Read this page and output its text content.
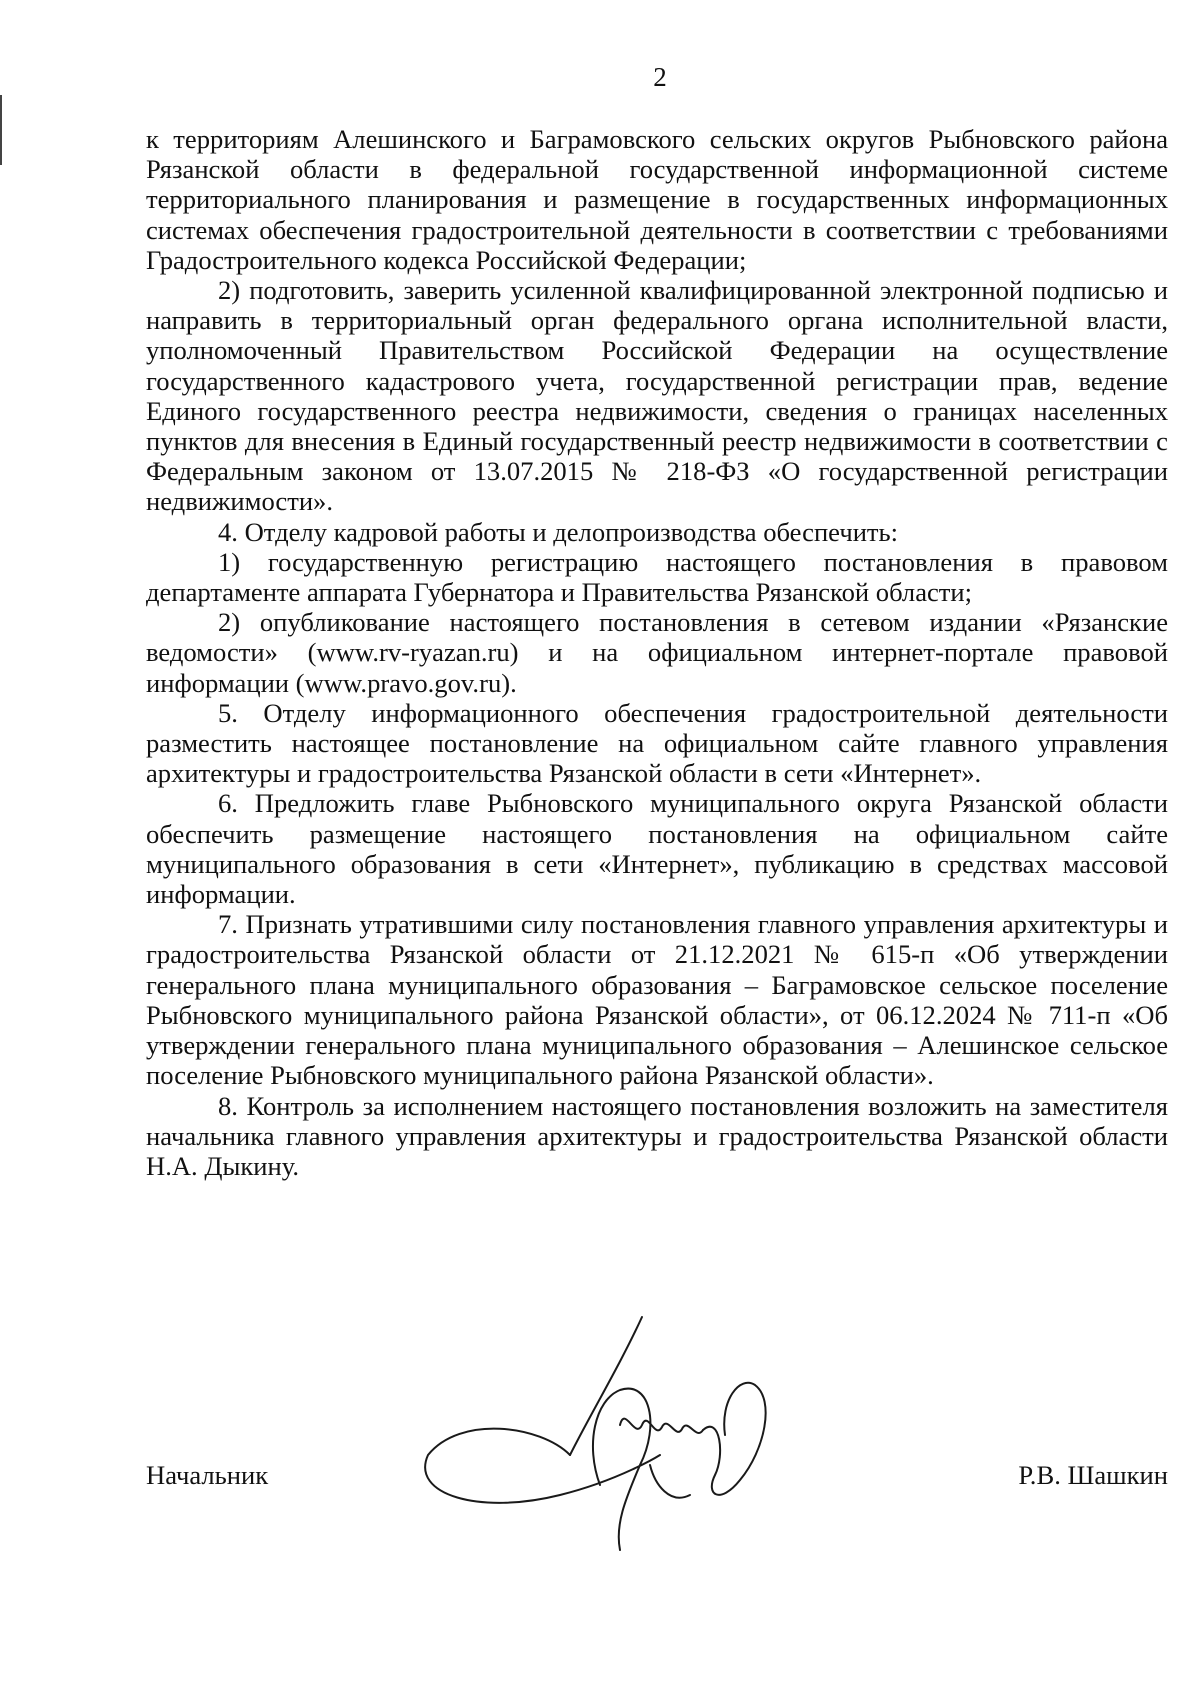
2

к территориям Алешинского и Баграмовского сельских округов Рыбновского района Рязанской области в федеральной государственной информационной системе территориального планирования и размещение в государственных информационных системах обеспечения градостроительной деятельности в соответствии с требованиями Градостроительного кодекса Российской Федерации;

2) подготовить, заверить усиленной квалифицированной электронной подписью и направить в территориальный орган федерального органа исполнительной власти, уполномоченный Правительством Российской Федерации на осуществление государственного кадастрового учета, государственной регистрации прав, ведение Единого государственного реестра недвижимости, сведения о границах населенных пунктов для внесения в Единый государственный реестр недвижимости в соответствии с Федеральным законом от 13.07.2015 № 218-ФЗ «О государственной регистрации недвижимости».

4. Отделу кадровой работы и делопроизводства обеспечить:

1) государственную регистрацию настоящего постановления в правовом департаменте аппарата Губернатора и Правительства Рязанской области;

2) опубликование настоящего постановления в сетевом издании «Рязанские ведомости» (www.rv-ryazan.ru) и на официальном интернет-портале правовой информации (www.pravo.gov.ru).

5. Отделу информационного обеспечения градостроительной деятельности разместить настоящее постановление на официальном сайте главного управления архитектуры и градостроительства Рязанской области в сети «Интернет».

6. Предложить главе Рыбновского муниципального округа Рязанской области обеспечить размещение настоящего постановления на официальном сайте муниципального образования в сети «Интернет», публикацию в средствах массовой информации.

7. Признать утратившими силу постановления главного управления архитектуры и градостроительства Рязанской области от 21.12.2021 № 615-п «Об утверждении генерального плана муниципального образования – Баграмовское сельское поселение Рыбновского муниципального района Рязанской области», от 06.12.2024 № 711-п «Об утверждении генерального плана муниципального образования – Алешинское сельское поселение Рыбновского муниципального района Рязанской области».

8. Контроль за исполнением настоящего постановления возложить на заместителя начальника главного управления архитектуры и градостроительства Рязанской области Н.А. Дыкину.

Начальник	Р.В. Шашкин
